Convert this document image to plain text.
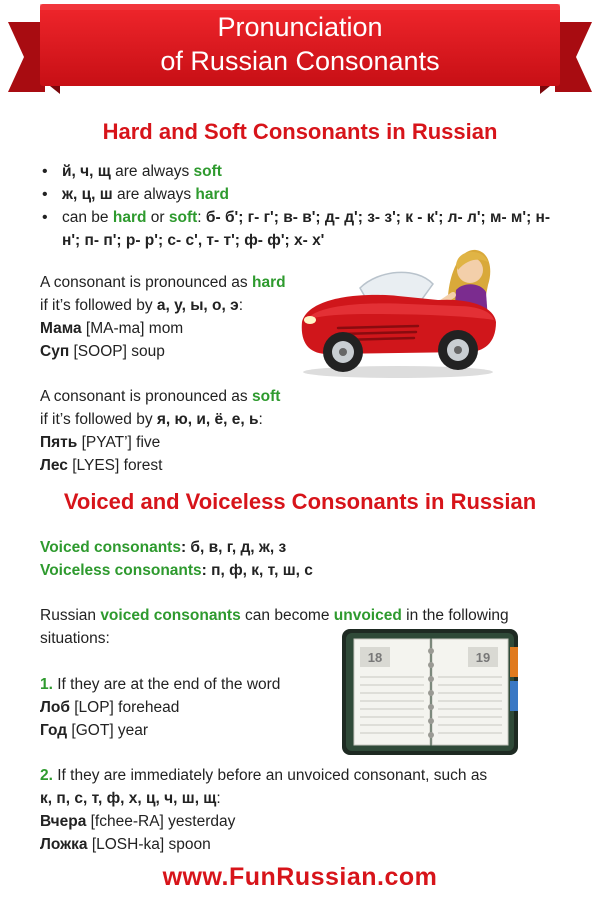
Pronunciation
of Russian Consonants
Hard and Soft Consonants in Russian
• й, ч, щ are always soft
• ж, ц, ш are always hard
• can be hard or soft: б- б'; г- г'; в- в'; д- д'; з- з'; к - к'; л- л'; м- м'; н- н'; п- п'; р- р'; с- с', т- т'; ф- ф'; х- х'
A consonant is pronounced as hard
if it’s followed by а, у, ы, о, э:
Мама [MA-ma] mom
Суп [SOOP] soup
A consonant is pronounced as soft
if it’s followed by я, ю, и, ё, е, ь:
Пять [PYAT’] five
Лес [LYES] forest
Voiced and Voiceless Consonants in Russian
Voiced consonants: б, в, г, д, ж, з
Voiceless consonants: п, ф, к, т, ш, с
Russian voiced consonants can become unvoiced in the following situations:
1. If they are at the end of the word
Лоб [LOP] forehead
Год [GOT] year
2. If they are immediately before an unvoiced consonant, such as
к, п, с, т, ф, х, ц, ч, ш, щ:
Вчера [fchee-RA] yesterday
Ложка [LOSH-ka] spoon
18	19
www.FunRussian.com
